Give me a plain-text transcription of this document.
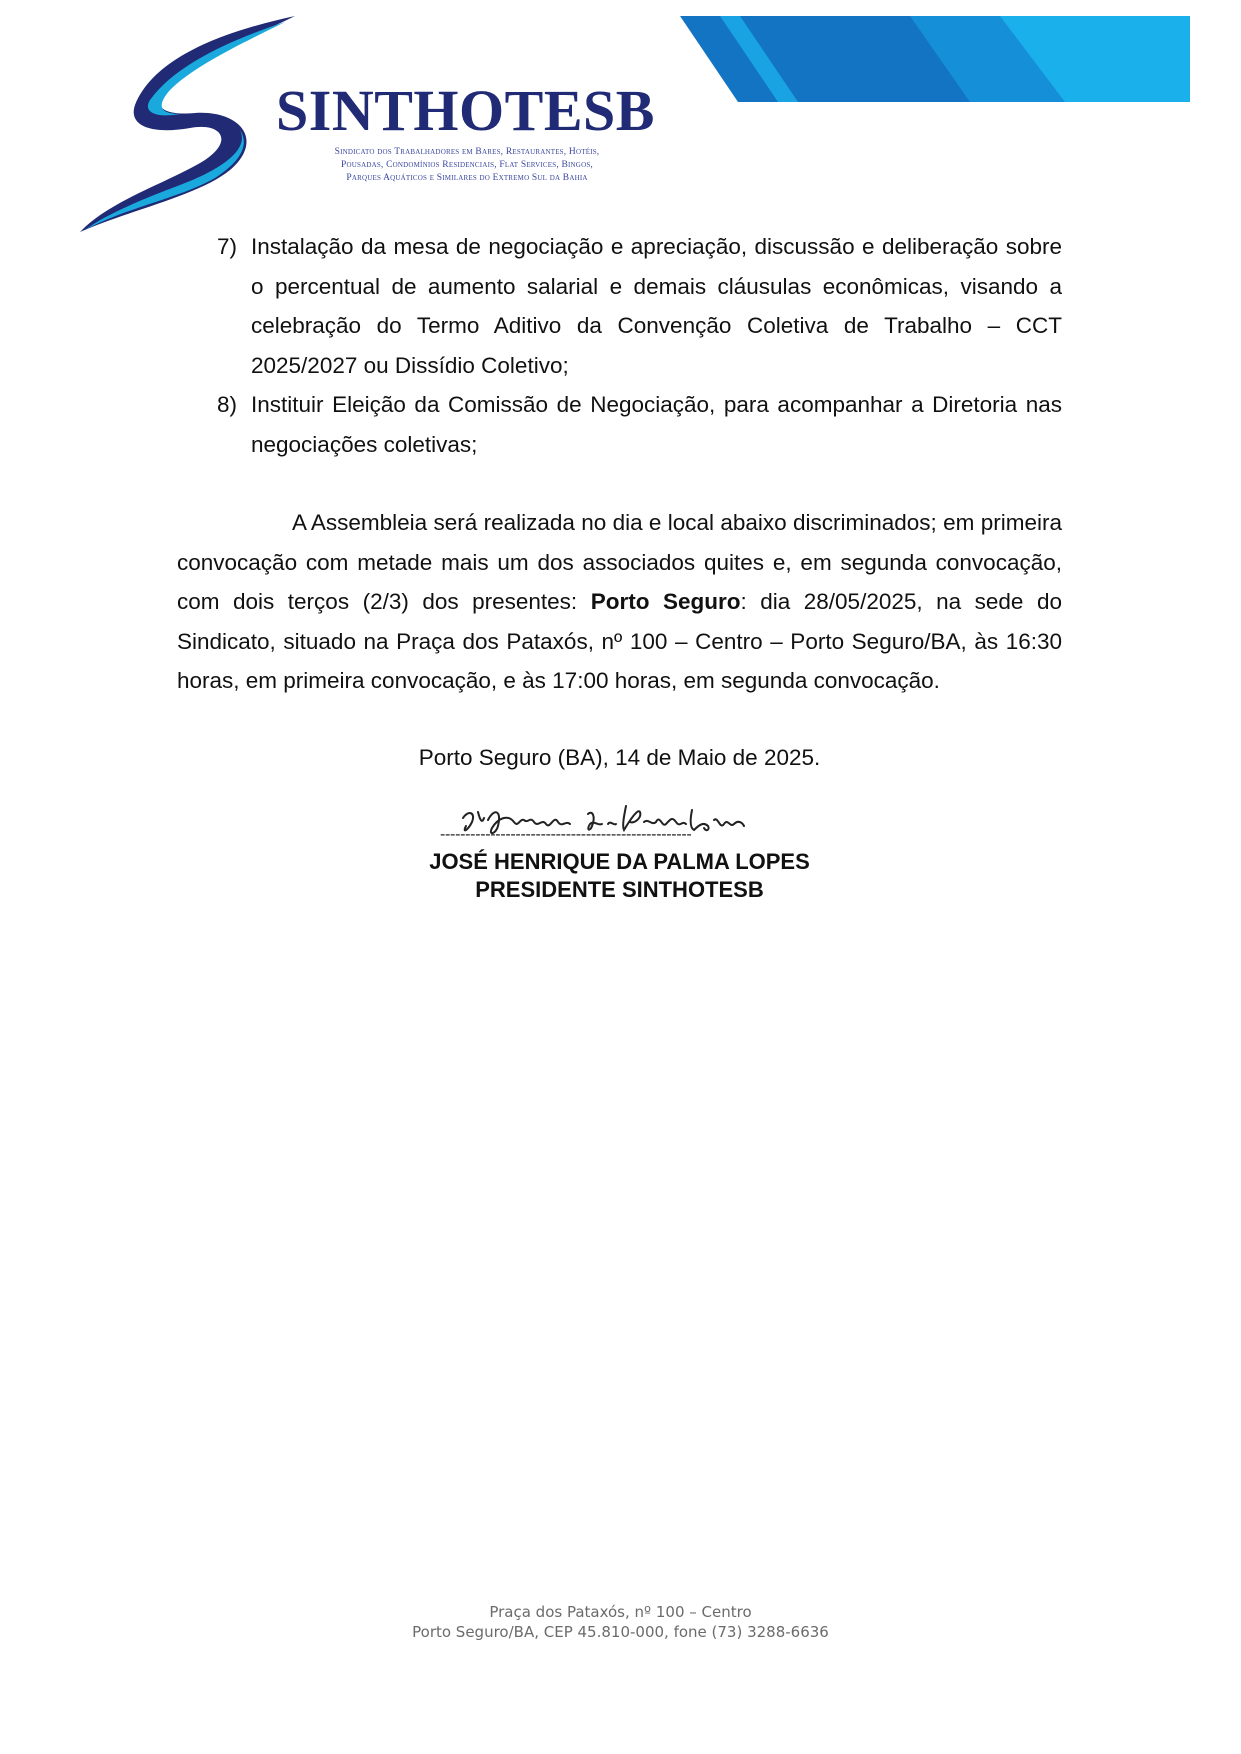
SINTHOTESB
Sindicato dos Trabalhadores em Bares, Restaurantes, Hotéis,
Pousadas, Condomínios Residenciais, Flat Services, Bingos,
Parques Aquáticos e Similares do Extremo Sul da Bahia
7) Instalação da mesa de negociação e apreciação, discussão e deliberação sobre o percentual de aumento salarial e demais cláusulas econômicas, visando a celebração do Termo Aditivo da Convenção Coletiva de Trabalho – CCT 2025/2027 ou Dissídio Coletivo;
8) Instituir Eleição da Comissão de Negociação, para acompanhar a Diretoria nas negociações coletivas;

A Assembleia será realizada no dia e local abaixo discriminados; em primeira convocação com metade mais um dos associados quites e, em segunda convocação, com dois terços (2/3) dos presentes: Porto Seguro: dia 28/05/2025, na sede do Sindicato, situado na Praça dos Pataxós, nº 100 – Centro – Porto Seguro/BA, às 16:30 horas, em primeira convocação, e às 17:00 horas, em segunda convocação.

Porto Seguro (BA), 14 de Maio de 2025.
--------------------------------------------------
JOSÉ HENRIQUE DA PALMA LOPES
PRESIDENTE SINTHOTESB
Praça dos Pataxós, nº 100 – Centro
Porto Seguro/BA, CEP 45.810-000, fone (73) 3288-6636
